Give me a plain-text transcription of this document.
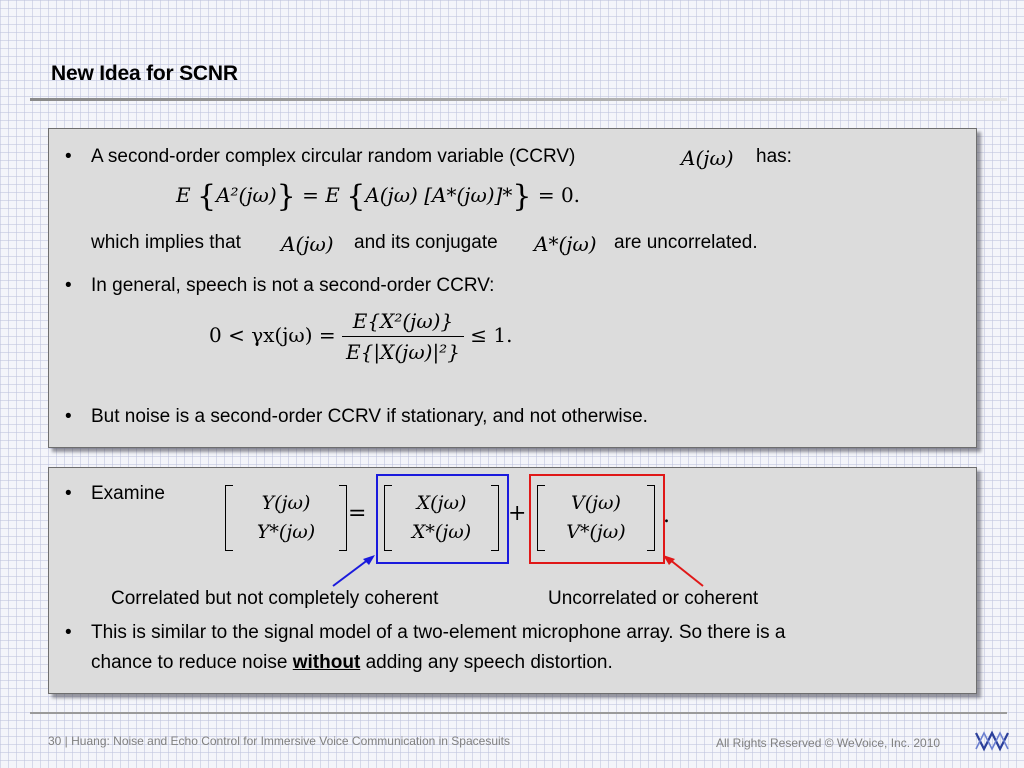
New Idea for SCNR
• A second-order complex circular random variable (CCRV)	A(jω) has:
E {A²(jω)} = E {A(jω) [A*(jω)]*} = 0.
which implies that A(jω) and its conjugate A*(jω) are uncorrelated.
• In general, speech is not a second-order CCRV:
$0 < \gamma x(j\omega) = \frac{\text{E\{X²(jω)\}}}{\text{E\{|X(jω)|²\}}} \le 1$.
• But noise is a second-order CCRV if stationary, and not otherwise.
• Examine	Y(jω)
Y*(jω)
=	X(jω)
X*(jω)
+	V(jω)
V*(jω)
.
Correlated but not completely coherent	Uncorrelated or coherent
• This is similar to the signal model of a two-element microphone array. So there is a
chance to reduce noise without adding any speech distortion.
30 | Huang: Noise and Echo Control for Immersive Voice Communication in Spacesuits	All Rights Reserved © WeVoice, Inc. 2010
